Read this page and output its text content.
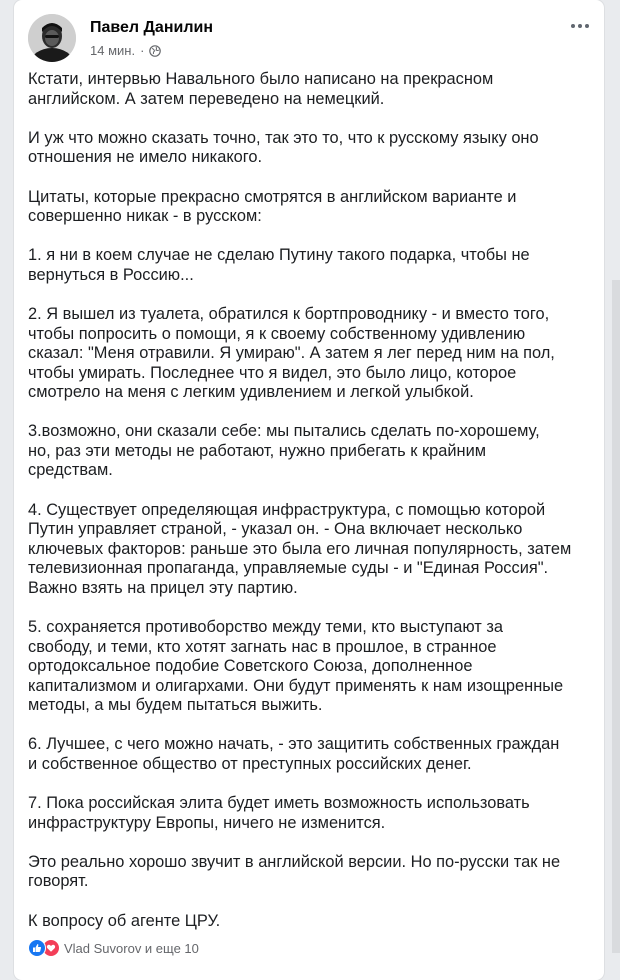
Павел Данилин
14 мин. ·

Кстати, интервью Навального было написано на прекрасном
английском. А затем переведено на немецкий.

И уж что можно сказать точно, так это то, что к русскому языку оно
отношения не имело никакого.

Цитаты, которые прекрасно смотрятся в английском варианте и
совершенно никак - в русском:

1. я ни в коем случае не сделаю Путину такого подарка, чтобы не
вернуться в Россию...

2. Я вышел из туалета, обратился к бортпроводнику - и вместо того,
чтобы попросить о помощи, я к своему собственному удивлению
сказал: "Меня отравили. Я умираю". А затем я лег перед ним на пол,
чтобы умирать. Последнее что я видел, это было лицо, которое
смотрело на меня с легким удивлением и легкой улыбкой.

3.возможно, они сказали себе: мы пытались сделать по-хорошему,
но, раз эти методы не работают, нужно прибегать к крайним
средствам.

4. Существует определяющая инфраструктура, с помощью которой
Путин управляет страной, - указал он. - Она включает несколько
ключевых факторов: раньше это была его личная популярность, затем
телевизионная пропаганда, управляемые суды - и "Единая Россия".
Важно взять на прицел эту партию.

5. сохраняется противоборство между теми, кто выступают за
свободу, и теми, кто хотят загнать нас в прошлое, в странное
ортодоксальное подобие Советского Союза, дополненное
капитализмом и олигархами. Они будут применять к нам изощренные
методы, а мы будем пытаться выжить.

6. Лучшее, с чего можно начать, - это защитить собственных граждан
и собственное общество от преступных российских денег.

7. Пока российская элита будет иметь возможность использовать
инфраструктуру Европы, ничего не изменится.

Это реально хорошо звучит в английской версии. Но по-русски так не
говорят.

К вопросу об агенте ЦРУ.

Vlad Suvorov и еще 10
